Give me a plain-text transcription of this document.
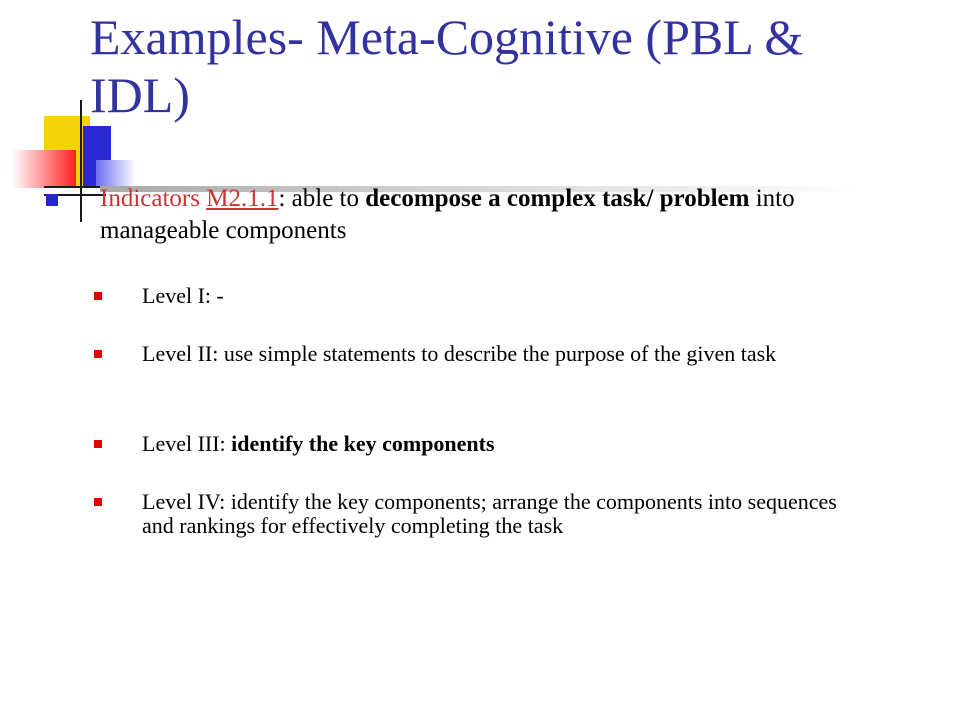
Examples- Meta-Cognitive (PBL & IDL)

Indicators M2.1.1: able to decompose a complex task/ problem into manageable components

Level I: -
Level II: use simple statements to describe the purpose of the given task
Level III: identify the key components
Level IV: identify the key components; arrange the components into sequences and rankings for effectively completing the task
